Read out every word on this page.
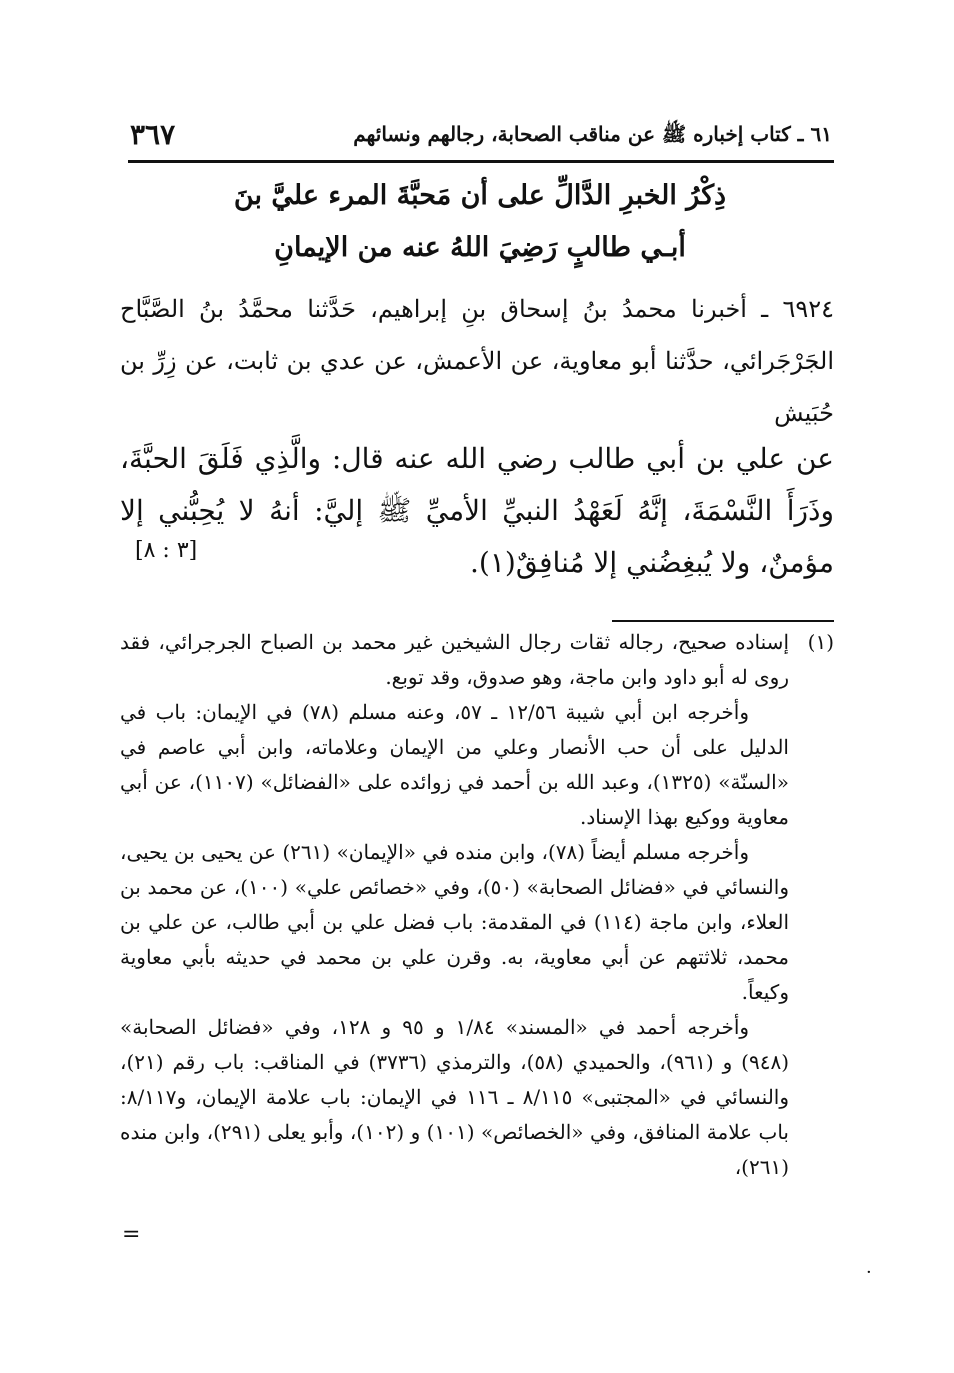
٦١ ـ كتاب إخباره ﷺ عن مناقب الصحابة، رجالهم ونسائهم
٣٦٧
ذِكْرُ الخبرِ الدَّالِّ على أن مَحبَّةَ المرء عليَّ بنَ
أبـي طالبٍ رَضِيَ اللهُ عنه من الإيمانِ
٦٩٢٤ ـ أخبرنا محمدُ بنُ إسحاق بنِ إبراهيم، حَدَّثنا محمَّدُ بنُ الصَّبَّاح الجَرْجَرائي، حدَّثنا أبو معاوية، عن الأعمش، عن عدي بن ثابت، عن زِرِّ بن حُبَيش
عن علي بن أبي طالب رضي الله عنه قال: والَّذِي فَلَقَ الحبَّةَ، وذَرَأَ النَّسْمَةَ، إنَّهُ لَعَهْدُ النبيِّ الأميِّ ﷺ إليَّ: أنهُ لا يُحِبُّني إلا مؤمنٌ، ولا يُبغِضُني إلا مُنافِقٌ(١).
[٣ : ٨]

(١)
إسناده صحيح، رجاله ثقات رجال الشيخين غير محمد بن الصباح الجرجرائي، فقد روى له أبو داود وابن ماجة، وهو صدوق، وقد توبع.

وأخرجه ابن أبي شيبة ١٢/٥٦ ـ ٥٧، وعنه مسلم (٧٨) في الإيمان: باب في الدليل على أن حب الأنصار وعلي من الإيمان وعلاماته، وابن أبي عاصم في «السنّة» (١٣٢٥)، وعبد الله بن أحمد في زوائده على «الفضائل» (١١٠٧)، عن أبي معاوية ووكيع بهذا الإسناد.

وأخرجه مسلم أيضاً (٧٨)، وابن منده في «الإيمان» (٢٦١) عن يحيى بن يحيى، والنسائي في «فضائل الصحابة» (٥٠)، وفي «خصائص علي» (١٠٠)، عن محمد بن العلاء، وابن ماجة (١١٤) في المقدمة: باب فضل علي بن أبي طالب، عن علي بن محمد، ثلاثتهم عن أبي معاوية، به. وقرن علي بن محمد في حديثه بأبي معاوية وكيعاً.

وأخرجه أحمد في «المسند» ١/٨٤ و ٩٥ و ١٢٨، وفي «فضائل الصحابة» (٩٤٨) و (٩٦١)، والحميدي (٥٨)، والترمذي (٣٧٣٦) في المناقب: باب رقم (٢١)، والنسائي في «المجتبى» ٨/١١٥ ـ ١١٦ في الإيمان: باب علامة الإيمان، و٨/١١٧: باب علامة المنافق، وفي «الخصائص» (١٠١) و (١٠٢)، وأبو يعلى (٢٩١)، وابن منده (٢٦١)،

=
·
